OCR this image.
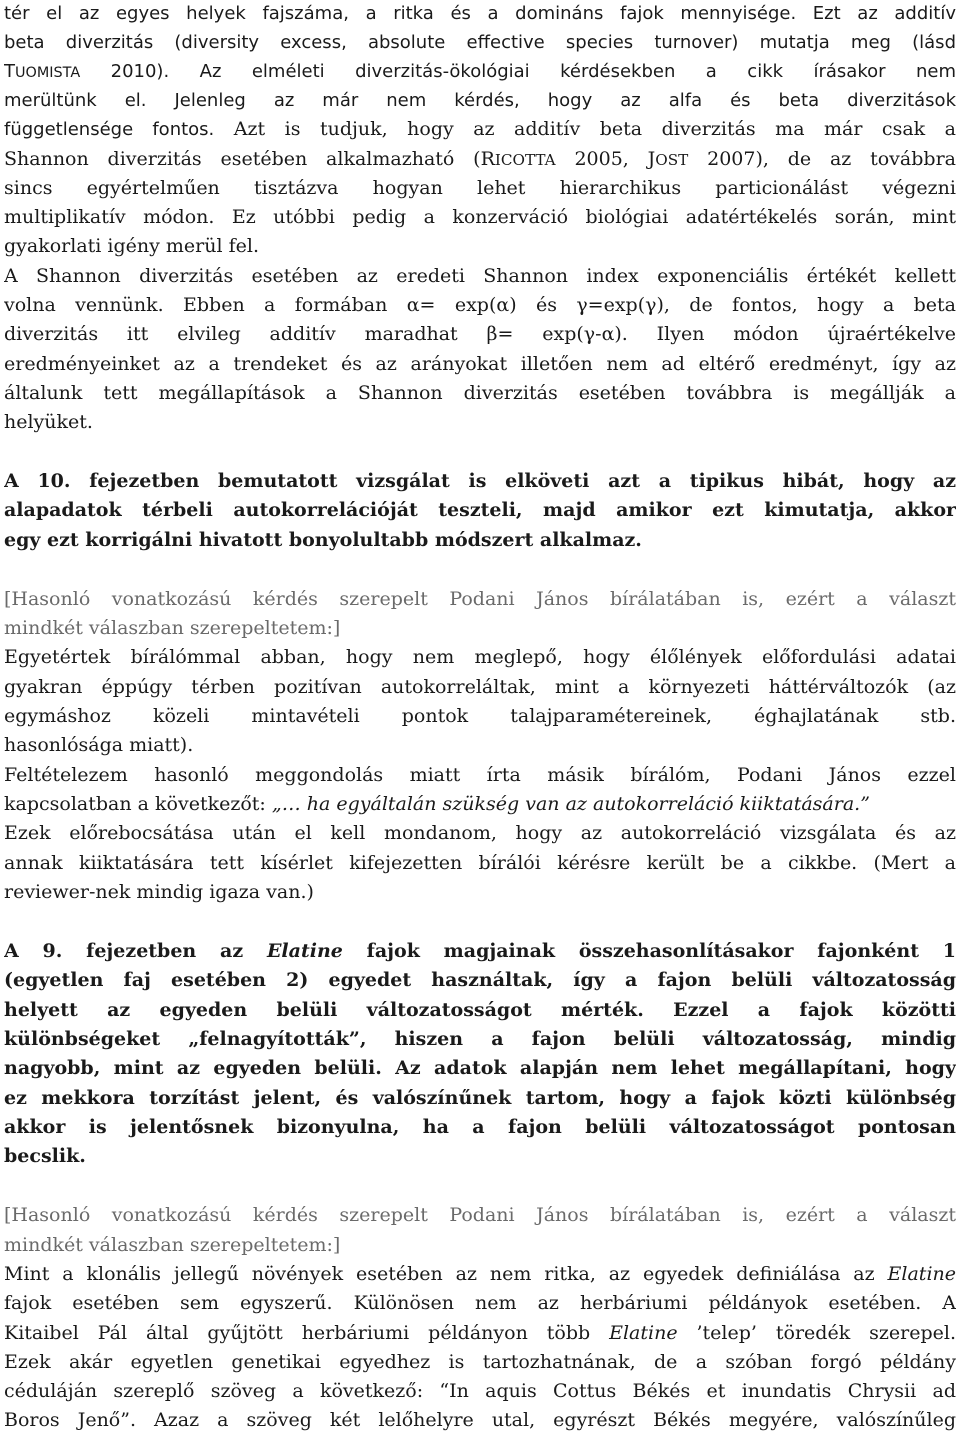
tér el az egyes helyek fajszáma, a ritka és a domináns fajok mennyisége. Ezt az additív
beta diverzitás (diversity excess, absolute effective species turnover) mutatja meg (lásd
TUOMISTA 2010). Az elméleti diverzitás-ökológiai kérdésekben a cikk írásakor nem
merültünk el. Jelenleg az már nem kérdés, hogy az alfa és beta diverzitások
függetlensége fontos. Azt is tudjuk, hogy az additív beta diverzitás ma már csak a
Shannon diverzitás esetében alkalmazható (RICOTTA 2005, JOST 2007), de az továbbra
sincs egyértelműen tisztázva hogyan lehet hierarchikus particionálást végezni
multiplikatív módon. Ez utóbbi pedig a konzerváció biológiai adatértékelés során, mint
gyakorlati igény merül fel.
A Shannon diverzitás esetében az eredeti Shannon index exponenciális értékét kellett
volna vennünk. Ebben a formában α= exp(α) és γ=exp(γ), de fontos, hogy a beta
diverzitás itt elvileg additív maradhat β= exp(γ-α). Ilyen módon újraértékelve
eredményeinket az a trendeket és az arányokat illetően nem ad eltérő eredményt, így az
általunk tett megállapítások a Shannon diverzitás esetében továbbra is megállják a
helyüket.
A 10. fejezetben bemutatott vizsgálat is elköveti azt a tipikus hibát, hogy az
alapadatok térbeli autokorrelációját teszteli, majd amikor ezt kimutatja, akkor
egy ezt korrigálni hivatott bonyolultabb módszert alkalmaz.
[Hasonló vonatkozású kérdés szerepelt Podani János bírálatában is, ezért a választ
mindkét válaszban szerepeltetem:]
Egyetértek bírálómmal abban, hogy nem meglepő, hogy élőlények előfordulási adatai
gyakran éppúgy térben pozitívan autokorreláltak, mint a környezeti háttérváltozók (az
egymáshoz közeli mintavételi pontok talajparamétereinek, éghajlatának stb.
hasonlósága miatt).
Feltételezem hasonló meggondolás miatt írta másik bírálóm, Podani János ezzel
kapcsolatban a következőt: „… ha egyáltalán szükség van az autokorreláció kiiktatására.”
Ezek előrebocsátása után el kell mondanom, hogy az autokorreláció vizsgálata és az
annak kiiktatására tett kísérlet kifejezetten bírálói kérésre került be a cikkbe. (Mert a
reviewer-nek mindig igaza van.)
A 9. fejezetben az Elatine fajok magjainak összehasonlításakor fajonként 1
(egyetlen faj esetében 2) egyedet használtak, így a fajon belüli változatosság
helyett az egyeden belüli változatosságot mérték. Ezzel a fajok közötti
különbségeket „felnagyították”, hiszen a fajon belüli változatosság, mindig
nagyobb, mint az egyeden belüli. Az adatok alapján nem lehet megállapítani, hogy
ez mekkora torzítást jelent, és valószínűnek tartom, hogy a fajok közti különbség
akkor is jelentősnek bizonyulna, ha a fajon belüli változatosságot pontosan
becslik.
[Hasonló vonatkozású kérdés szerepelt Podani János bírálatában is, ezért a választ
mindkét válaszban szerepeltetem:]
Mint a klonális jellegű növények esetében az nem ritka, az egyedek definiálása az Elatine
fajok esetében sem egyszerű. Különösen nem az herbáriumi példányok esetében. A
Kitaibel Pál által gyűjtött herbáriumi példányon több Elatine ’telep’ töredék szerepel.
Ezek akár egyetlen genetikai egyedhez is tartozhatnának, de a szóban forgó példány
céduláján szereplő szöveg a következő: “In aquis Cottus Békés et inundatis Chrysii ad
Boros Jenő”. Azaz a szöveg két lelőhelyre utal, egyrészt Békés megyére, valószínűleg
